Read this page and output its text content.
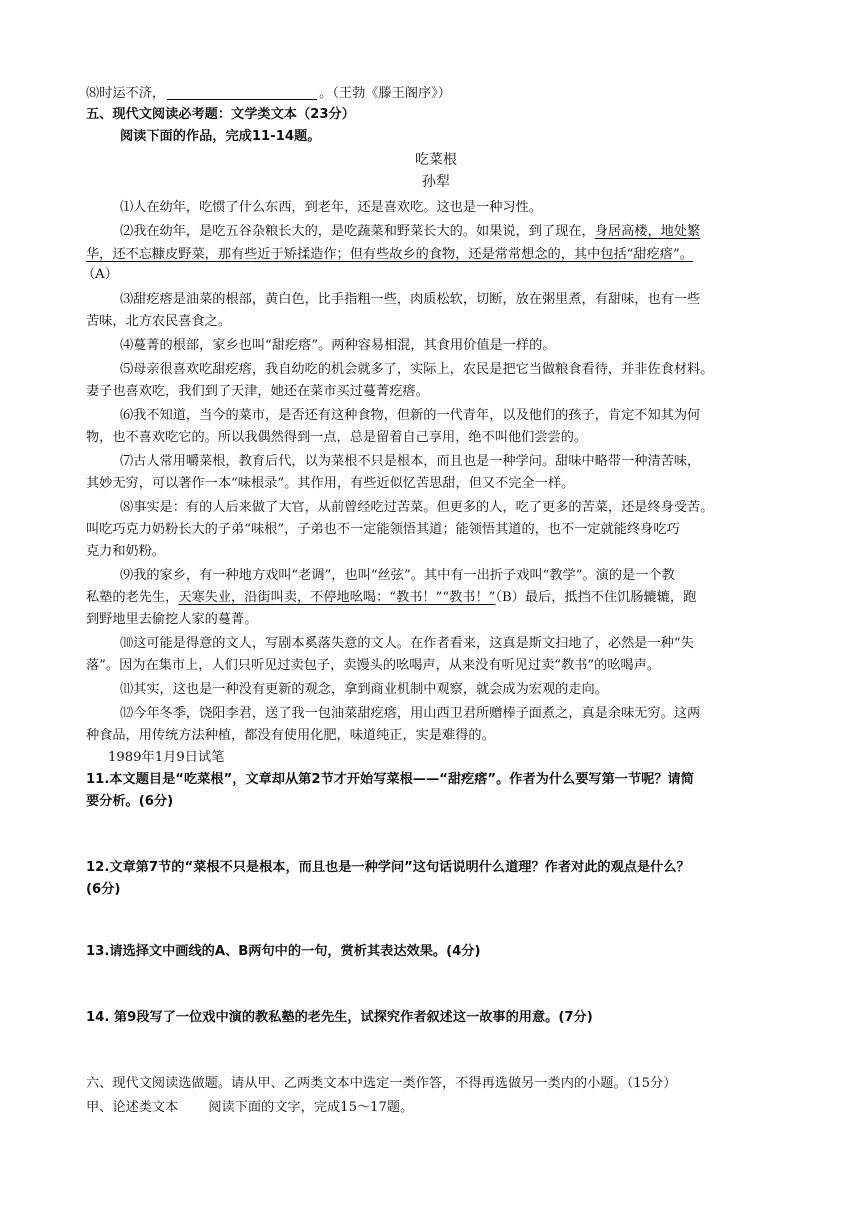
⑻时运不济，	。（王勃《滕王阁序》）
五、现代文阅读必考题：文学类文本（23分）
阅读下面的作品，完成11-14题。
吃菜根
孙犁
⑴人在幼年，吃惯了什么东西，到老年，还是喜欢吃。这也是一种习性。
⑵我在幼年，是吃五谷杂粮长大的，是吃蔬菜和野菜长大的。如果说，到了现在，身居高楼，地处繁
华，还不忘糠皮野菜，那有些近于矫揉造作；但有些故乡的食物，还是常常想念的，其中包括“甜疙瘩”。
（A）
⑶甜疙瘩是油菜的根部，黄白色，比手指粗一些，肉质松软，切断，放在粥里煮，有甜味，也有一些
苦味，北方农民喜食之。
⑷蔓菁的根部，家乡也叫“甜疙瘩”。两种容易相混，其食用价值是一样的。
⑸母亲很喜欢吃甜疙瘩，我自幼吃的机会就多了，实际上，农民是把它当做粮食看待，并非佐食材料。
妻子也喜欢吃，我们到了天津，她还在菜市买过蔓菁疙瘩。
⑹我不知道，当今的菜市，是否还有这种食物，但新的一代青年，以及他们的孩子，肯定不知其为何
物，也不喜欢吃它的。所以我偶然得到一点，总是留着自己享用，绝不叫他们尝尝的。
⑺古人常用嚼菜根，教育后代，以为菜根不只是根本，而且也是一种学问。甜味中略带一种清苦味，
其妙无穷，可以著作一本“味根录”。其作用，有些近似忆苦思甜，但又不完全一样。
⑻事实是：有的人后来做了大官，从前曾经吃过苦菜。但更多的人，吃了更多的苦菜，还是终身受苦。
叫吃巧克力奶粉长大的子弟“味根”，子弟也不一定能领悟其道；能领悟其道的，也不一定就能终身吃巧
克力和奶粉。
⑼我的家乡，有一种地方戏叫“老调”，也叫“丝弦”。其中有一出折子戏叫“教学”。演的是一个教
私塾的老先生，天寒失业，沿街叫卖，不停地吆喝：“教书！”“教书！”（B）最后，抵挡不住饥肠辘辘，跑
到野地里去偷挖人家的蔓菁。
⑽这可能是得意的文人，写剧本奚落失意的文人。在作者看来，这真是斯文扫地了，必然是一种“失
落”。因为在集市上，人们只听见过卖包子，卖馒头的吆喝声，从来没有听见过卖“教书”的吆喝声。
⑾其实，这也是一种没有更新的观念，拿到商业机制中观察，就会成为宏观的走向。
⑿今年冬季，饶阳李君，送了我一包油菜甜疙瘩，用山西卫君所赠棒子面煮之，真是余味无穷。这两
种食品，用传统方法种植，都没有使用化肥，味道纯正，实是难得的。
1989年1月9日试笔
11.本文题目是“吃菜根”，文章却从第2节才开始写菜根——“甜疙瘩”。作者为什么要写第一节呢？请简
要分析。(6分)
12.文章第7节的“菜根不只是根本，而且也是一种学问”这句话说明什么道理？作者对此的观点是什么？
(6分)
13.请选择文中画线的A、B两句中的一句，赏析其表达效果。(4分)
14. 第9段写了一位戏中演的教私塾的老先生，试探究作者叙述这一故事的用意。(7分)
六、现代文阅读选做题。请从甲、乙两类文本中选定一类作答，不得再选做另一类内的小题。（15分）
甲、论述类文本 阅读下面的文字，完成15～17题。
